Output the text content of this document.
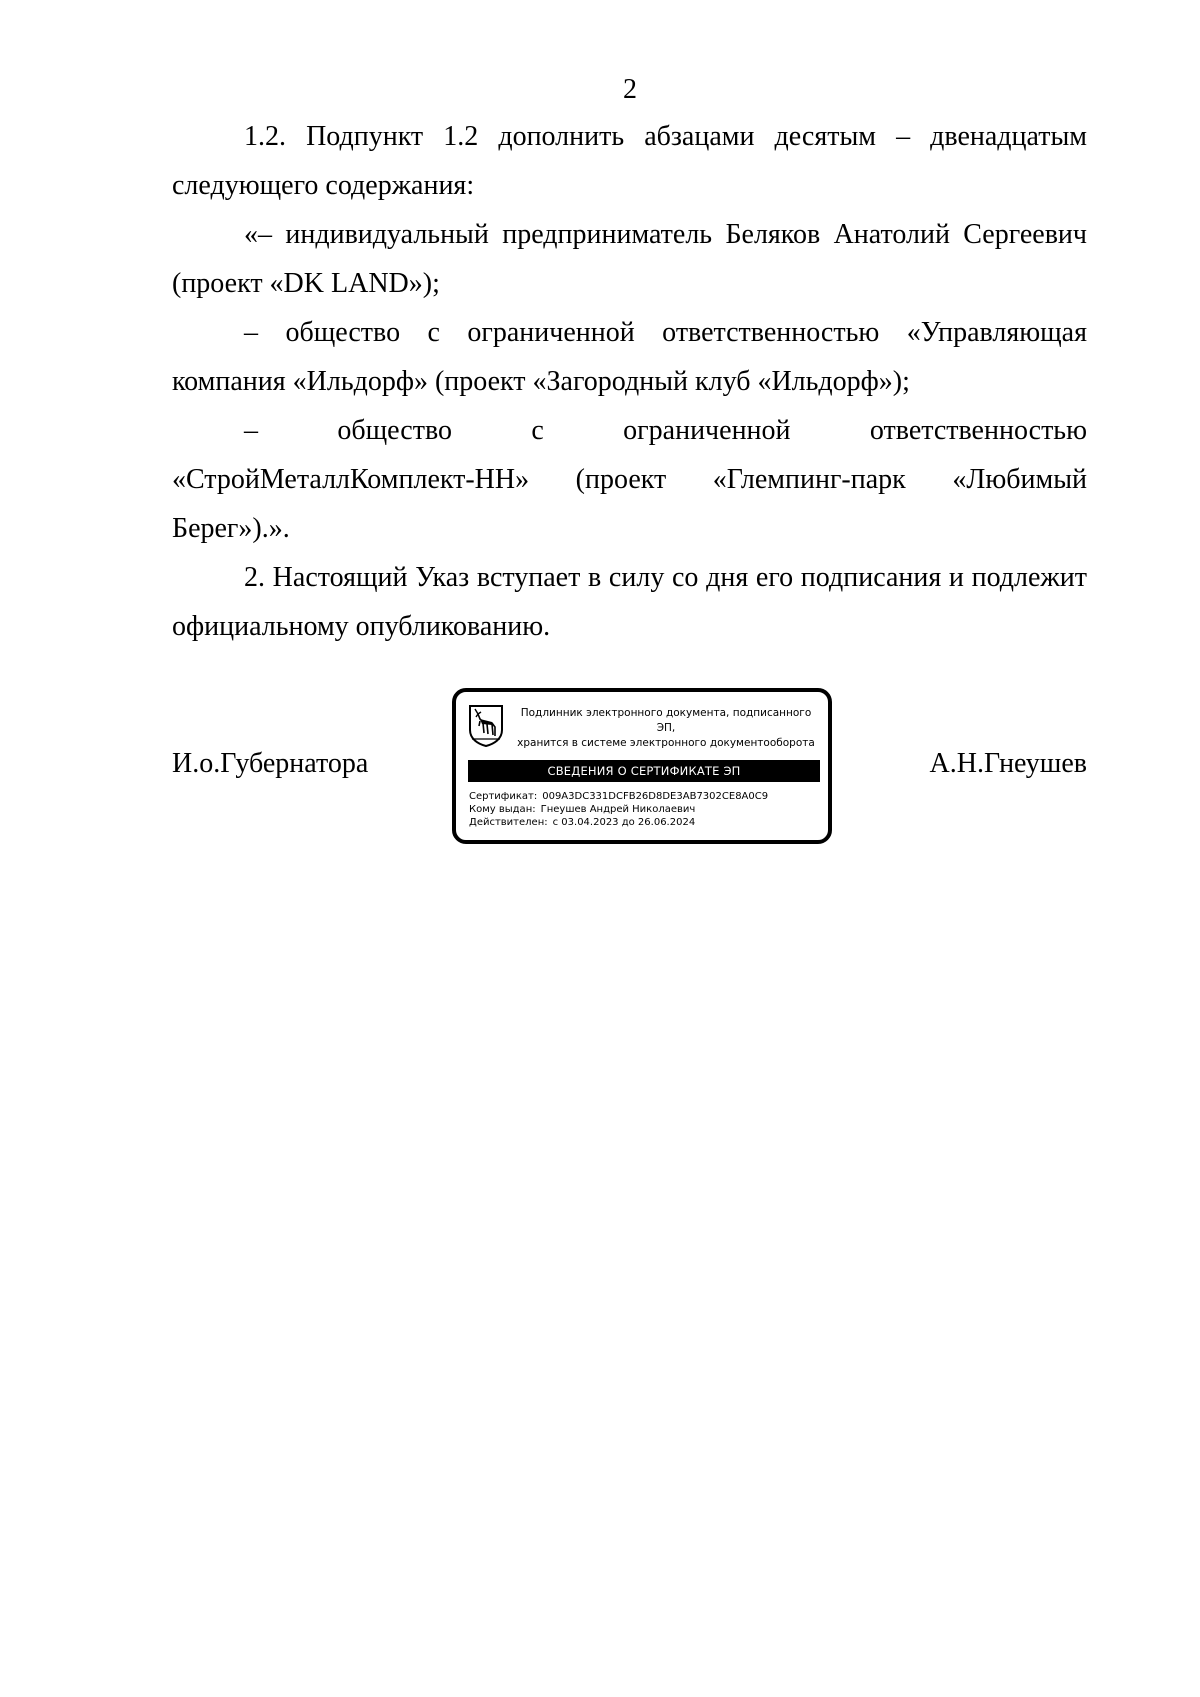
2

1.2. Подпункт 1.2 дополнить абзацами десятым – двенадцатым следующего содержания:

«– индивидуальный предприниматель Беляков Анатолий Сергеевич (проект «DK LAND»);

– общество с ограниченной ответственностью «Управляющая компания «Ильдорф» (проект «Загородный клуб «Ильдорф»);

– общество с ограниченной ответственностью «СтройМеталлКомплект-НН» (проект «Глемпинг-парк «Любимый Берег»).».

2. Настоящий Указ вступает в силу со дня его подписания и подлежит официальному опубликованию.

И.о.Губернатора
Подлинник электронного документа, подписанного ЭП,
хранится в системе электронного документооборота
СВЕДЕНИЯ О СЕРТИФИКАТЕ ЭП
Сертификат: 009A3DC331DCFB26D8DE3AB7302CE8A0C9
Кому выдан: Гнеушев Андрей Николаевич
Действителен: с 03.04.2023 до 26.06.2024
А.Н.Гнеушев
